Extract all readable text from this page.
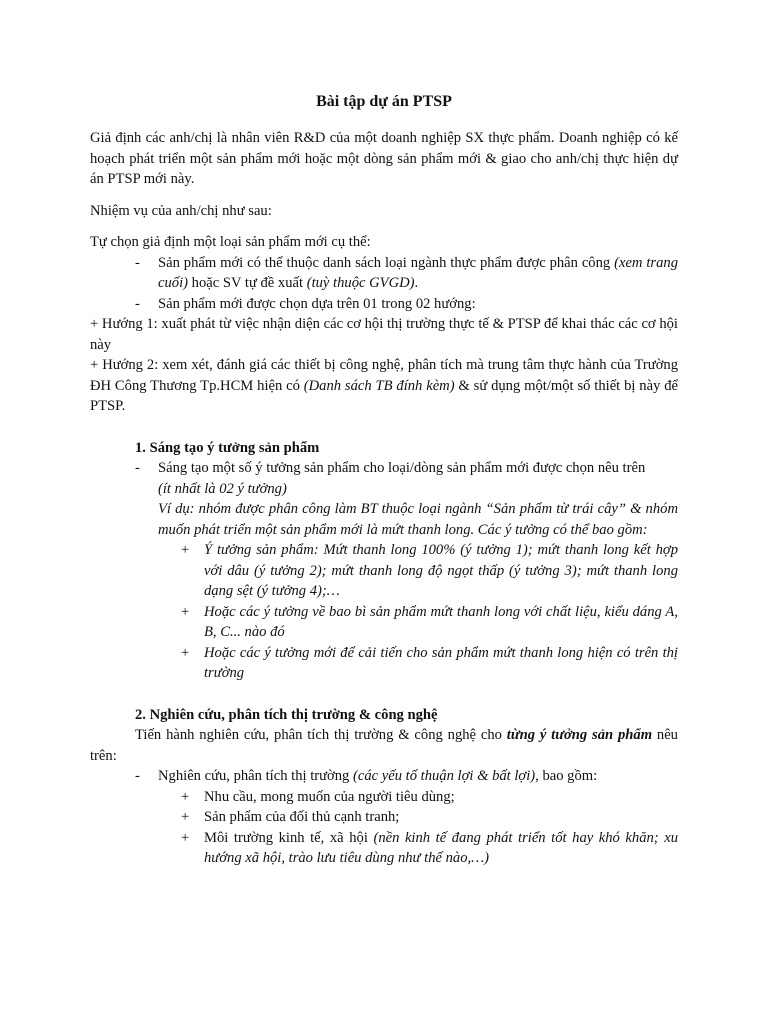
Bài tập dự án PTSP

Giả định các anh/chị là nhân viên R&D của một doanh nghiệp SX thực phẩm. Doanh nghiệp có kế hoạch phát triển một sản phẩm mới hoặc một dòng sản phẩm mới & giao cho anh/chị thực hiện dự án PTSP mới này.

Nhiệm vụ của anh/chị như sau:

Tự chọn giả định một loại sản phẩm mới cụ thể:

- Sản phẩm mới có thể thuộc danh sách loại ngành thực phẩm được phân công (xem trang cuối) hoặc SV tự đề xuất (tuỳ thuộc GVGD).

- Sản phẩm mới được chọn dựa trên 01 trong 02 hướng:

+ Hướng 1: xuất phát từ việc nhận diện các cơ hội thị trường thực tế & PTSP để khai thác các cơ hội này

+ Hướng 2: xem xét, đánh giá các thiết bị công nghệ, phân tích mà trung tâm thực hành của Trường ĐH Công Thương Tp.HCM hiện có (Danh sách TB đính kèm) & sử dụng một/một số thiết bị này để PTSP.

1. Sáng tạo ý tưởng sản phẩm

- Sáng tạo một số ý tưởng sản phẩm cho loại/dòng sản phẩm mới được chọn nêu trên

(ít nhất là 02 ý tưởng)

Ví dụ: nhóm được phân công làm BT thuộc loại ngành “Sản phẩm từ trái cây” & nhóm muốn phát triển một sản phẩm mới là mứt thanh long. Các ý tưởng có thể bao gồm:

+ Ý tưởng sản phẩm: Mứt thanh long 100% (ý tưởng 1); mứt thanh long kết hợp với dâu (ý tưởng 2); mứt thanh long độ ngọt thấp (ý tưởng 3); mứt thanh long dạng sệt (ý tưởng 4);…

+ Hoặc các ý tưởng về bao bì sản phẩm mứt thanh long với chất liệu, kiểu dáng A, B, C... nào đó

+ Hoặc các ý tưởng mới để cải tiến cho sản phẩm mứt thanh long hiện có trên thị trường

2. Nghiên cứu, phân tích thị trường & công nghệ

Tiến hành nghiên cứu, phân tích thị trường & công nghệ cho từng ý tưởng sản phẩm nêu trên:

- Nghiên cứu, phân tích thị trường (các yếu tố thuận lợi & bất lợi), bao gồm:

+ Nhu cầu, mong muốn của người tiêu dùng;

+ Sản phẩm của đối thủ cạnh tranh;

+ Môi trường kinh tế, xã hội (nền kinh tế đang phát triển tốt hay khó khăn; xu hướng xã hội, trào lưu tiêu dùng như thế nào,…)
